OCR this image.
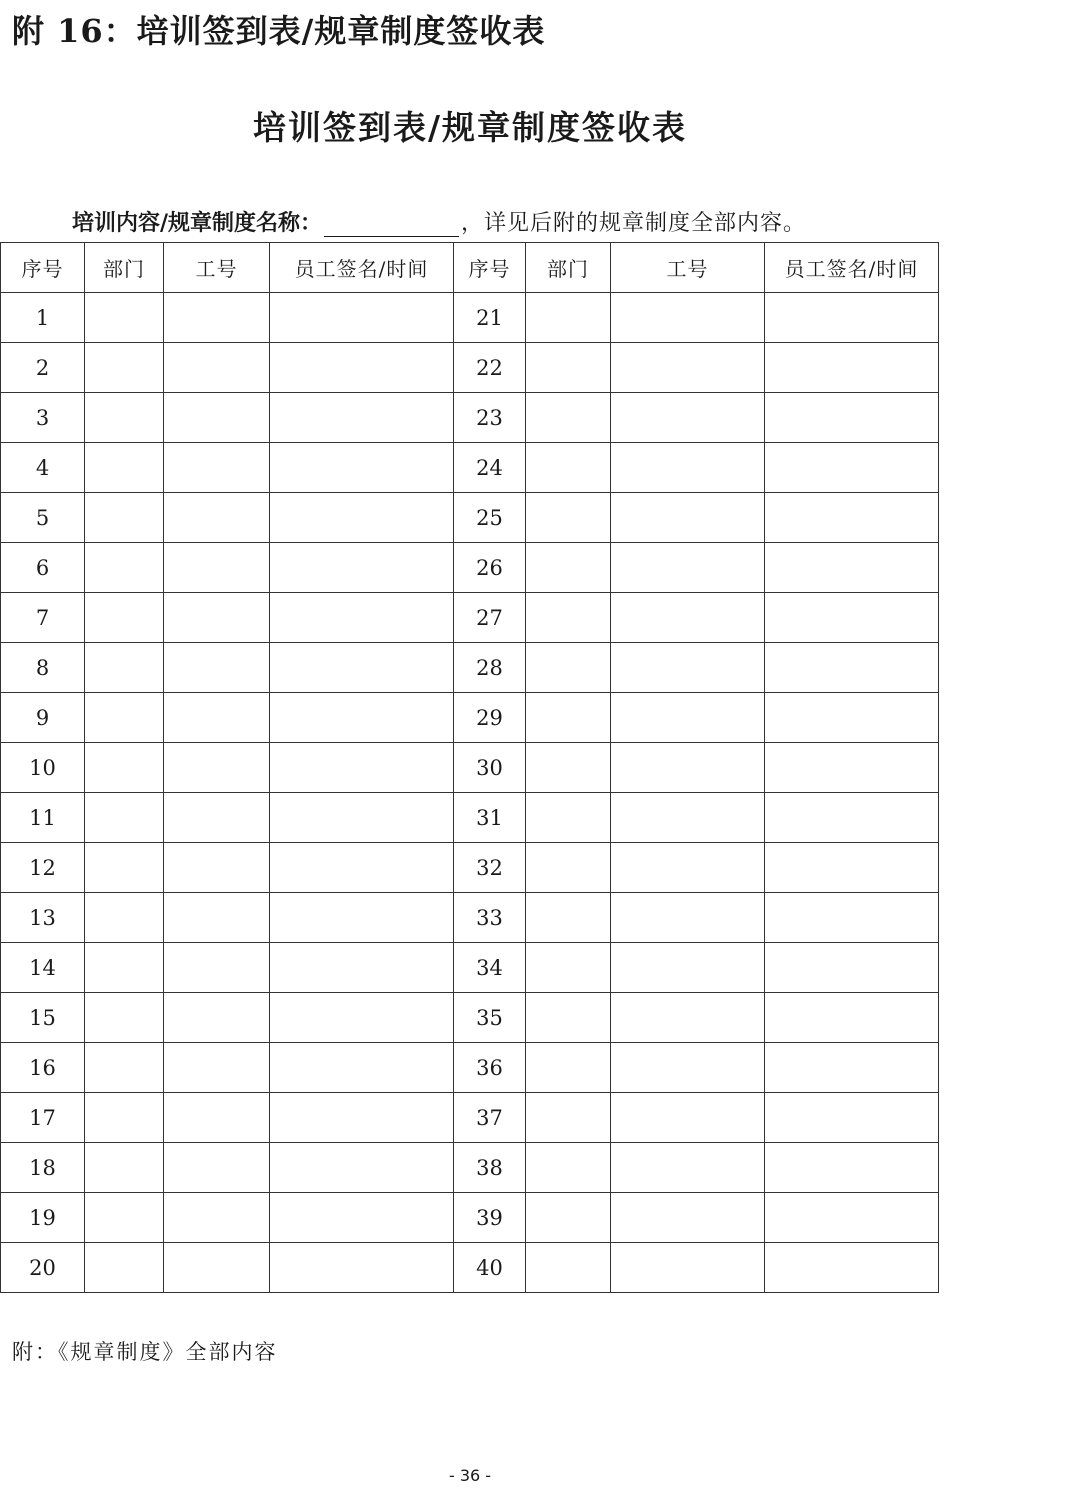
附 16：培训签到表/规章制度签收表
培训签到表/规章制度签收表
培训内容/规章制度名称：	，详见后附的规章制度全部内容。
序号	部门	工号	员工签名/时间	序号	部门	工号	员工签名/时间
1				21			
2				22			
3				23			
4				24			
5				25			
6				26			
7				27			
8				28			
9				29			
10				30			
11				31			
12				32			
13				33			
14				34			
15				35			
16				36			
17				37			
18				38			
19				39			
20				40			
附：《规章制度》全部内容
- 36 -
